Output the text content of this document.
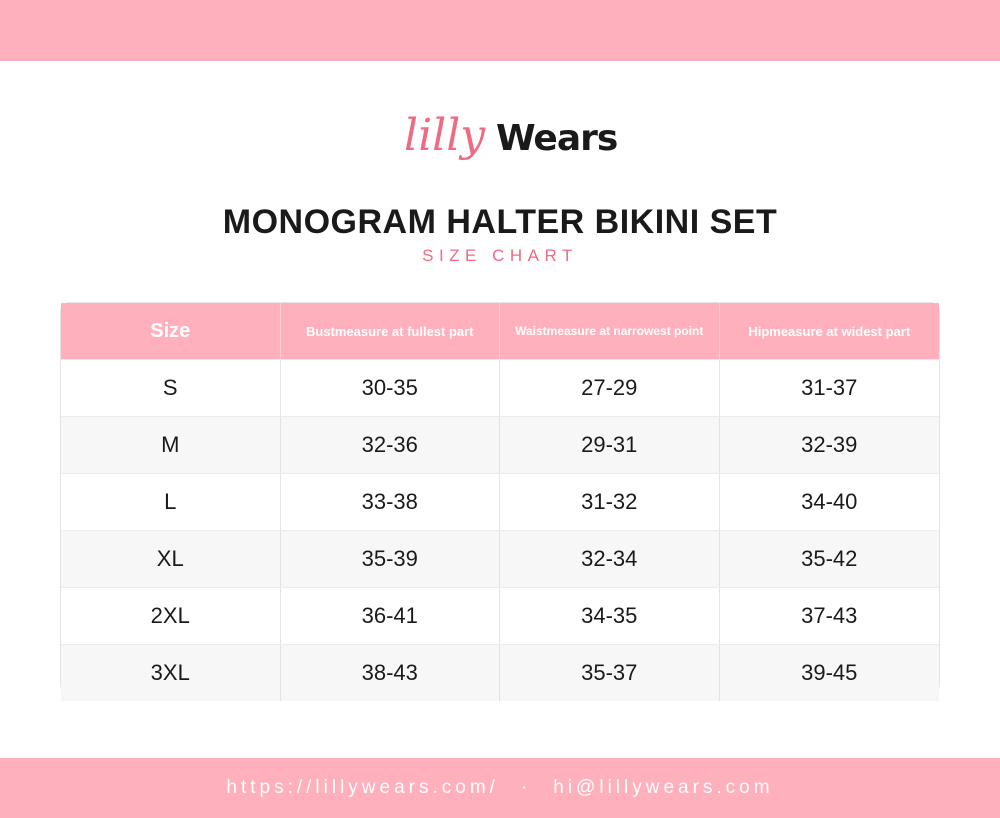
lilly Wears
MONOGRAM HALTER BIKINI SET
SIZE CHART
Size	Bustmeasure at fullest part	Waistmeasure at narrowest point	Hipmeasure at widest part
S	30-35	27-29	31-37
M	32-36	29-31	32-39
L	33-38	31-32	34-40
XL	35-39	32-34	35-42
2XL	36-41	34-35	37-43
3XL	38-43	35-37	39-45
https://lillywears.com/ · hi@lillywears.com
